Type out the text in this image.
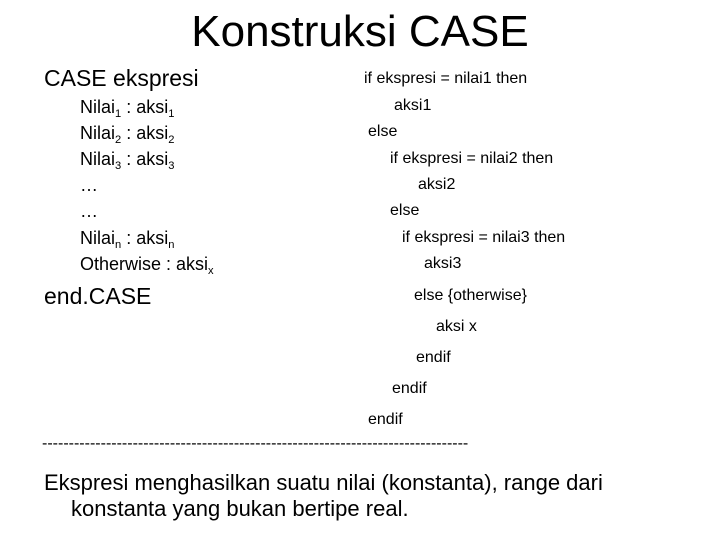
Konstruksi CASE
CASE ekspresi
Nilai$_1$ : aksi$_1$
Nilai$_2$ : aksi$_2$
Nilai$_3$ : aksi$_3$
…
…
Nilai$_n$ : aksi$_n$
Otherwise : aksi$_x$
end.CASE
if ekspresi = nilai1 then
aksi1
else
if ekspresi = nilai2 then
aksi2
else
if ekspresi = nilai3 then
aksi3
else {otherwise}
aksi x
endif
endif
endif
--------------------------------------------------------------------------------
Ekspresi menghasilkan suatu nilai (konstanta), range dari
konstanta yang bukan bertipe real.
